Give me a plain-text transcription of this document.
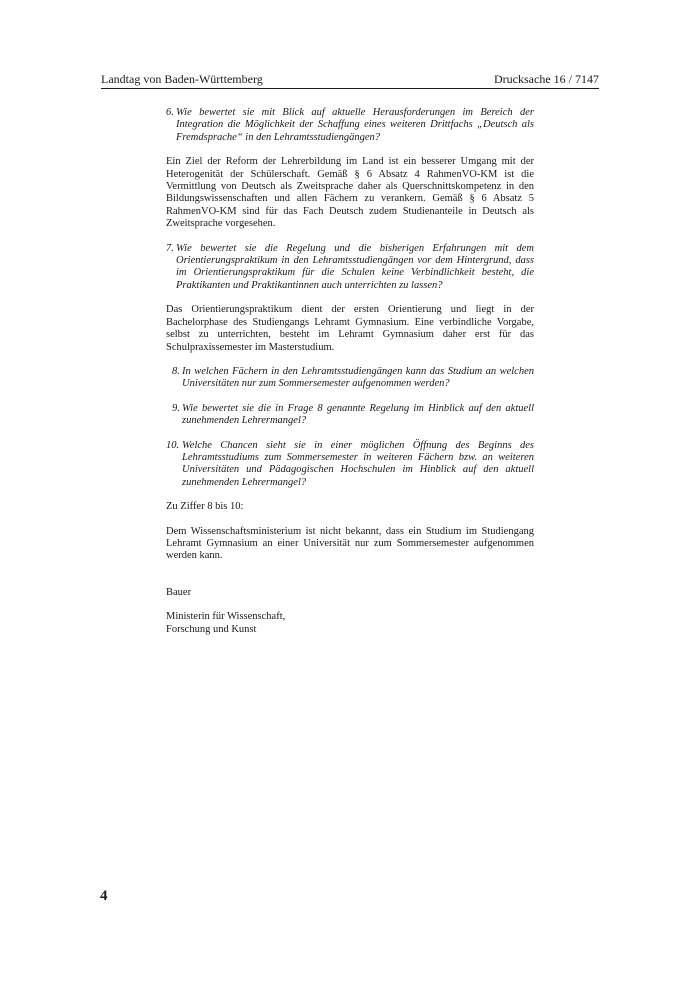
Landtag von Baden-Württemberg	Drucksache 16 / 7147
6. Wie bewertet sie mit Blick auf aktuelle Herausforderungen im Bereich der Integration die Möglichkeit der Schaffung eines weiteren Drittfachs „Deutsch als Fremdsprache“ in den Lehramtsstudiengängen?

Ein Ziel der Reform der Lehrerbildung im Land ist ein besserer Umgang mit der Heterogenität der Schülerschaft. Gemäß § 6 Absatz 4 RahmenVO-KM ist die Vermittlung von Deutsch als Zweitsprache daher als Querschnittskompetenz in den Bildungswissenschaften und allen Fächern zu verankern. Gemäß § 6 Absatz 5 RahmenVO-KM sind für das Fach Deutsch zudem Studienanteile in Deutsch als Zweitsprache vorgesehen.

7. Wie bewertet sie die Regelung und die bisherigen Erfahrungen mit dem Orientierungspraktikum in den Lehramtsstudiengängen vor dem Hintergrund, dass im Orientierungspraktikum für die Schulen keine Verbindlichkeit besteht, die Praktikanten und Praktikantinnen auch unterrichten zu lassen?

Das Orientierungspraktikum dient der ersten Orientierung und liegt in der Bachelorphase des Studiengangs Lehramt Gymnasium. Eine verbindliche Vorgabe, selbst zu unterrichten, besteht im Lehramt Gymnasium daher erst für das Schulpraxissemester im Masterstudium.

8. In welchen Fächern in den Lehramtsstudiengängen kann das Studium an welchen Universitäten nur zum Sommersemester aufgenommen werden?
9. Wie bewertet sie die in Frage 8 genannte Regelung im Hinblick auf den aktuell zunehmenden Lehrermangel?
10. Welche Chancen sieht sie in einer möglichen Öffnung des Beginns des Lehramtsstudiums zum Sommersemester in weiteren Fächern bzw. an weiteren Universitäten und Pädagogischen Hochschulen im Hinblick auf den aktuell zunehmenden Lehrermangel?

Zu Ziffer 8 bis 10:

Dem Wissenschaftsministerium ist nicht bekannt, dass ein Studium im Studiengang Lehramt Gymnasium an einer Universität nur zum Sommersemester aufgenommen werden kann.

Bauer
Ministerin für Wissenschaft,
Forschung und Kunst
4
